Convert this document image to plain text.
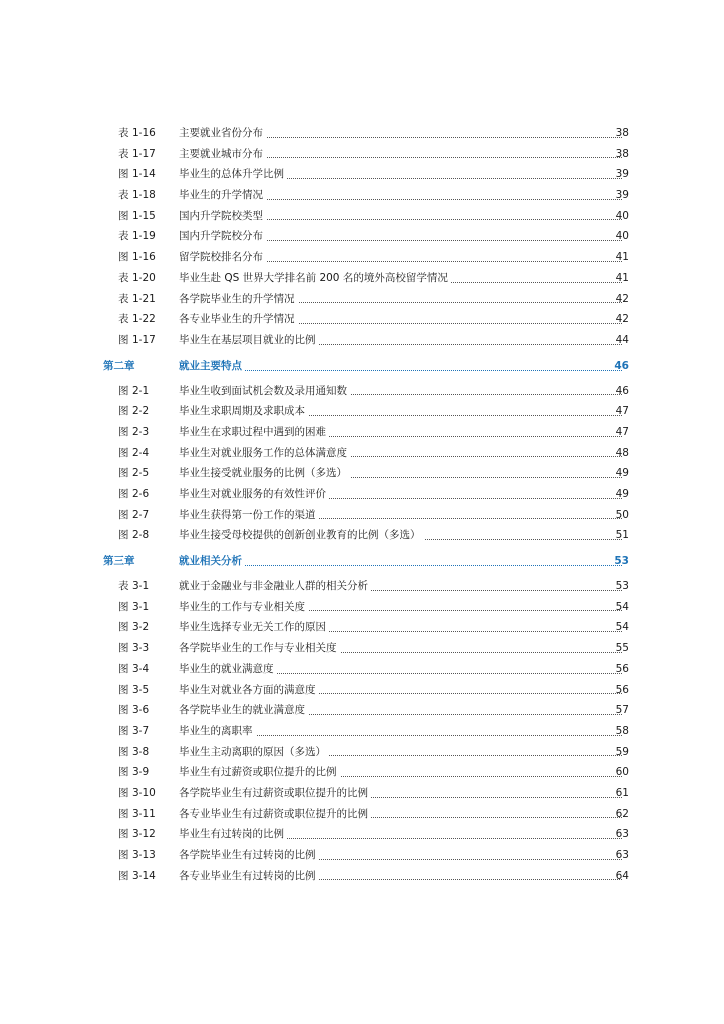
表 1-16	主要就业省份分布	38
表 1-17	主要就业城市分布	38
图 1-14	毕业生的总体升学比例	39
表 1-18	毕业生的升学情况	39
图 1-15	国内升学院校类型	40
表 1-19	国内升学院校分布	40
图 1-16	留学院校排名分布	41
表 1-20	毕业生赴 QS 世界大学排名前 200 名的境外高校留学情况	41
表 1-21	各学院毕业生的升学情况	42
表 1-22	各专业毕业生的升学情况	42
图 1-17	毕业生在基层项目就业的比例	44
第二章	就业主要特点	46
图 2-1	毕业生收到面试机会数及录用通知数	46
图 2-2	毕业生求职周期及求职成本	47
图 2-3	毕业生在求职过程中遇到的困难	47
图 2-4	毕业生对就业服务工作的总体满意度	48
图 2-5	毕业生接受就业服务的比例（多选）	49
图 2-6	毕业生对就业服务的有效性评价	49
图 2-7	毕业生获得第一份工作的渠道	50
图 2-8	毕业生接受母校提供的创新创业教育的比例（多选）	51
第三章	就业相关分析	53
表 3-1	就业于金融业与非金融业人群的相关分析	53
图 3-1	毕业生的工作与专业相关度	54
图 3-2	毕业生选择专业无关工作的原因	54
图 3-3	各学院毕业生的工作与专业相关度	55
图 3-4	毕业生的就业满意度	56
图 3-5	毕业生对就业各方面的满意度	56
图 3-6	各学院毕业生的就业满意度	57
图 3-7	毕业生的离职率	58
图 3-8	毕业生主动离职的原因（多选）	59
图 3-9	毕业生有过薪资或职位提升的比例	60
图 3-10	各学院毕业生有过薪资或职位提升的比例	61
图 3-11	各专业毕业生有过薪资或职位提升的比例	62
图 3-12	毕业生有过转岗的比例	63
图 3-13	各学院毕业生有过转岗的比例	63
图 3-14	各专业毕业生有过转岗的比例	64
